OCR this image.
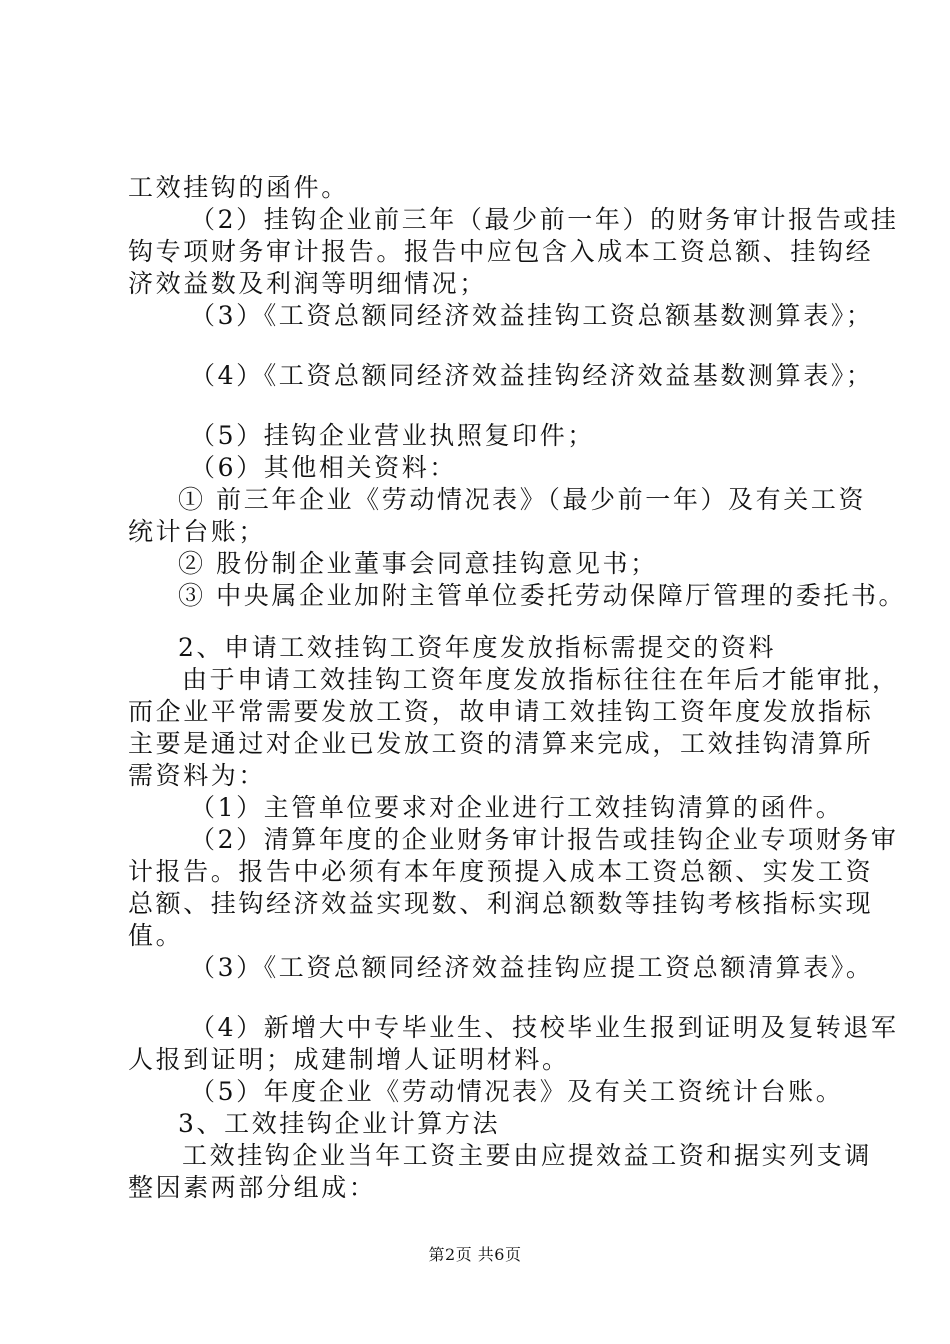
工效挂钩的函件。
（2）挂钩企业前三年（最少前一年）的财务审计报告或挂
钩专项财务审计报告。报告中应包含入成本工资总额、挂钩经
济效益数及利润等明细情况；
（3）《工资总额同经济效益挂钩工资总额基数测算表》；
（4）《工资总额同经济效益挂钩经济效益基数测算表》；
（5）挂钩企业营业执照复印件；
（6）其他相关资料：
① 前三年企业《劳动情况表》（最少前一年）及有关工资
统计台账；
② 股份制企业董事会同意挂钩意见书；
③ 中央属企业加附主管单位委托劳动保障厅管理的委托书。
2、申请工效挂钩工资年度发放指标需提交的资料
由于申请工效挂钩工资年度发放指标往往在年后才能审批，
而企业平常需要发放工资，故申请工效挂钩工资年度发放指标
主要是通过对企业已发放工资的清算来完成，工效挂钩清算所
需资料为：
（1）主管单位要求对企业进行工效挂钩清算的函件。
（2）清算年度的企业财务审计报告或挂钩企业专项财务审
计报告。报告中必须有本年度预提入成本工资总额、实发工资
总额、挂钩经济效益实现数、利润总额数等挂钩考核指标实现
值。
（3）《工资总额同经济效益挂钩应提工资总额清算表》。
（4）新增大中专毕业生、技校毕业生报到证明及复转退军
人报到证明；成建制增人证明材料。
（5）年度企业《劳动情况表》及有关工资统计台账。
3、工效挂钩企业计算方法
工效挂钩企业当年工资主要由应提效益工资和据实列支调
整因素两部分组成：
第2页 共6页
